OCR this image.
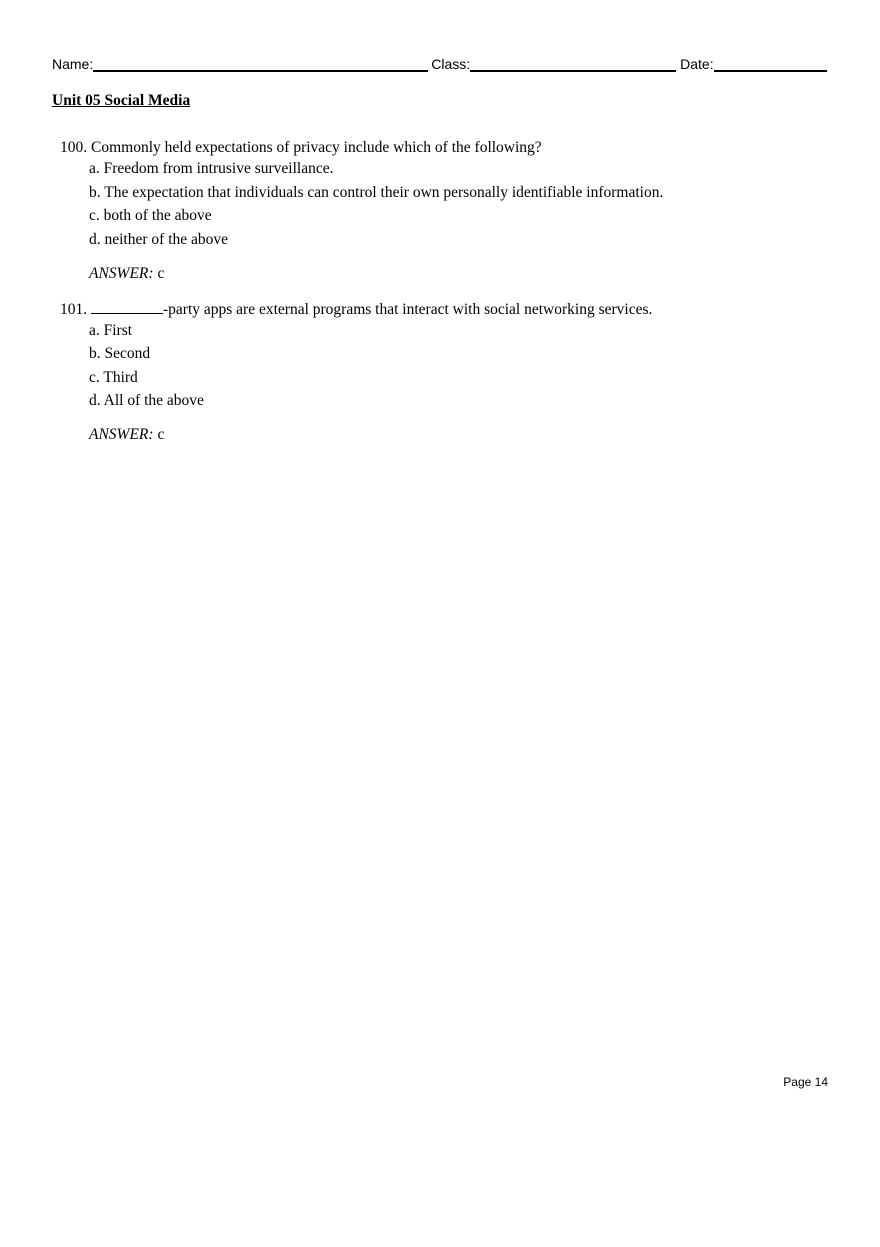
Name:	Class:	Date:
Unit 05 Social Media
100. Commonly held expectations of privacy include which of the following?
a. Freedom from intrusive surveillance.
b. The expectation that individuals can control their own personally identifiable information.
c. both of the above
d. neither of the above
ANSWER: c
101.	-party apps are external programs that interact with social networking services.
a. First
b. Second
c. Third
d. All of the above
ANSWER: c
Page 14
